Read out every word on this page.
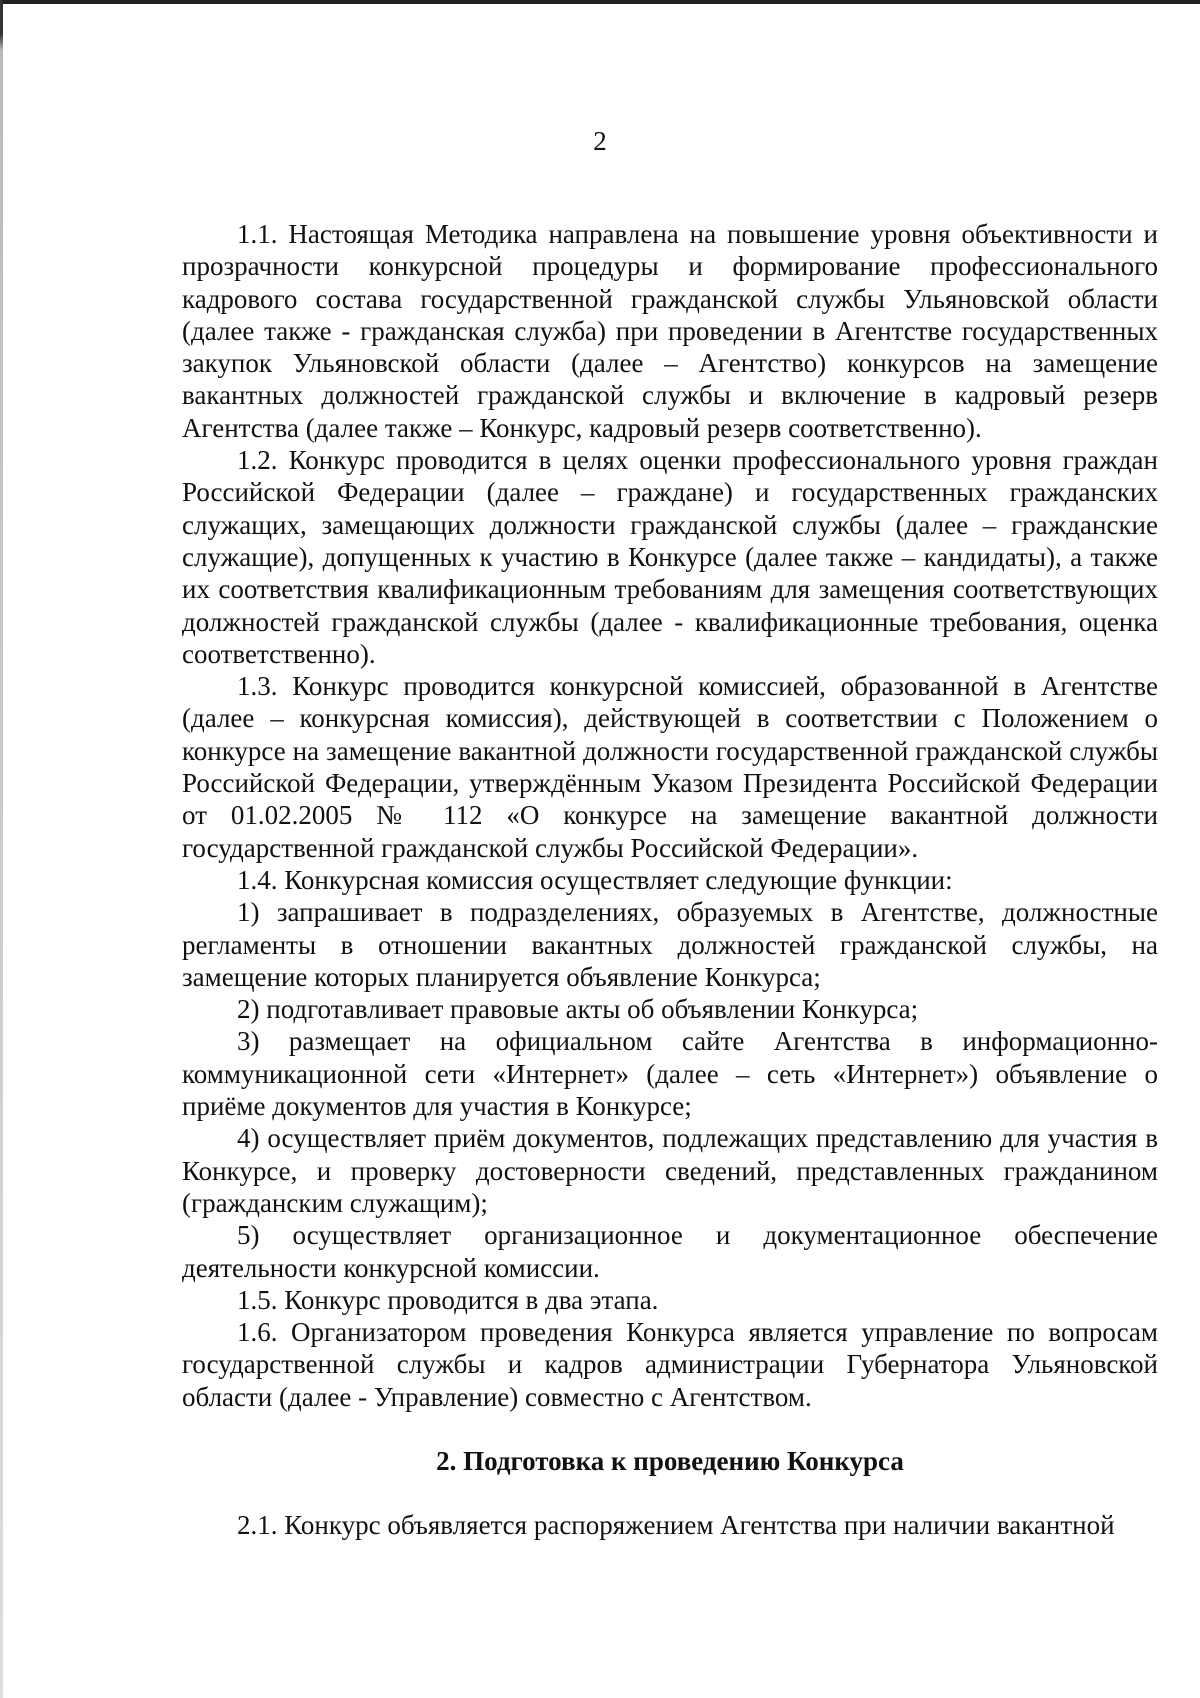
2

1.1. Настоящая Методика направлена на повышение уровня объективности и прозрачности конкурсной процедуры и формирование профессионального кадрового состава государственной гражданской службы Ульяновской области (далее также - гражданская служба) при проведении в Агентстве государственных закупок Ульяновской области (далее – Агентство) конкурсов на замещение вакантных должностей гражданской службы и включение в кадровый резерв Агентства (далее также – Конкурс, кадровый резерв соответственно).

1.2. Конкурс проводится в целях оценки профессионального уровня граждан Российской Федерации (далее – граждане) и государственных гражданских служащих, замещающих должности гражданской службы (далее – гражданские служащие), допущенных к участию в Конкурсе (далее также – кандидаты), а также их соответствия квалификационным требованиям для замещения соответствующих должностей гражданской службы (далее - квалификационные требования, оценка соответственно).

1.3. Конкурс проводится конкурсной комиссией, образованной в Агентстве (далее – конкурсная комиссия), действующей в соответствии с Положением о конкурсе на замещение вакантной должности государственной гражданской службы Российской Федерации, утверждённым Указом Президента Российской Федерации от 01.02.2005 № 112 «О конкурсе на замещение вакантной должности государственной гражданской службы Российской Федерации».

1.4. Конкурсная комиссия осуществляет следующие функции:

1) запрашивает в подразделениях, образуемых в Агентстве, должностные регламенты в отношении вакантных должностей гражданской службы, на замещение которых планируется объявление Конкурса;

2) подготавливает правовые акты об объявлении Конкурса;

3) размещает на официальном сайте Агентства в информационно-коммуникационной сети «Интернет» (далее – сеть «Интернет») объявление о приёме документов для участия в Конкурсе;

4) осуществляет приём документов, подлежащих представлению для участия в Конкурсе, и проверку достоверности сведений, представленных гражданином (гражданским служащим);

5) осуществляет организационное и документационное обеспечение деятельности конкурсной комиссии.

1.5. Конкурс проводится в два этапа.

1.6. Организатором проведения Конкурса является управление по вопросам государственной службы и кадров администрации Губернатора Ульяновской области (далее - Управление) совместно с Агентством.

2. Подготовка к проведению Конкурса

2.1. Конкурс объявляется распоряжением Агентства при наличии вакантной
